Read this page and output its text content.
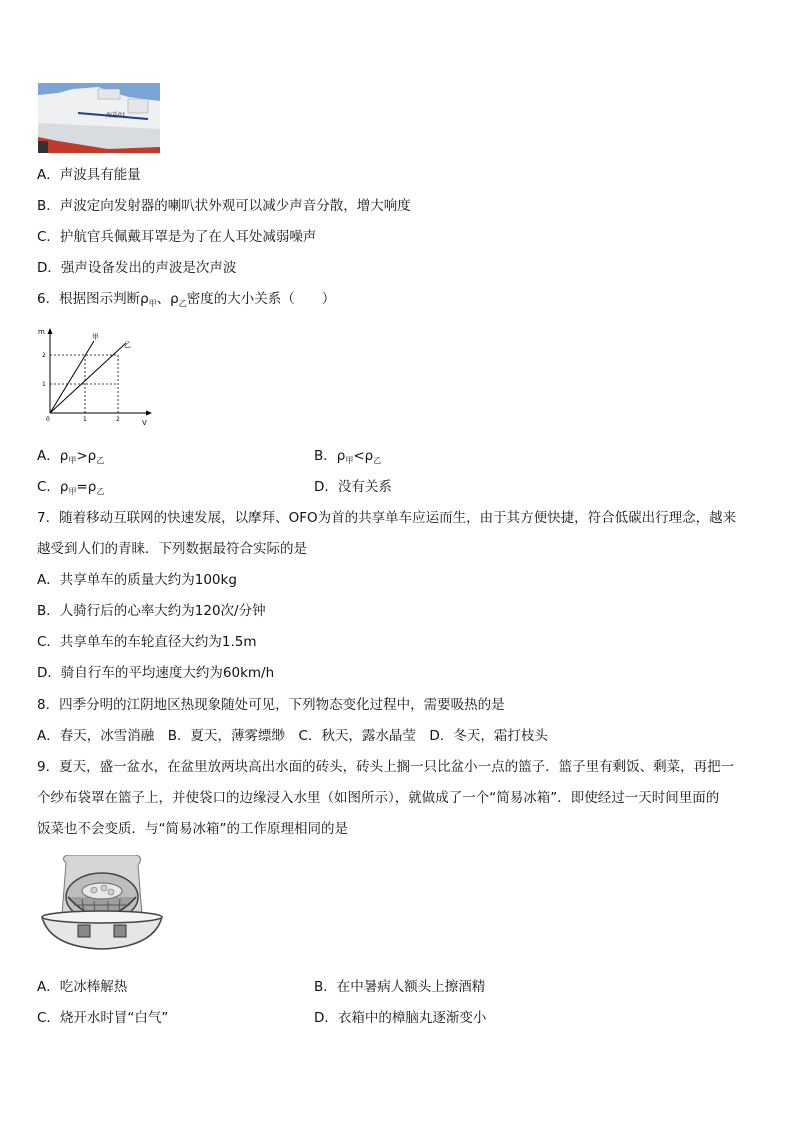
海巡01
A．声波具有能量
B．声波定向发射器的喇叭状外观可以减少声音分散，增大响度
C．护航官兵佩戴耳罩是为了在人耳处减弱噪声
D．强声设备发出的声波是次声波
6．根据图示判断$\rho_甲$、$\rho_乙$密度的大小关系（　　）
m
V
0	1	2
1
2
甲
乙
A．$\rho_甲>\rho_乙$	B．$\rho_甲<\rho_乙$
C．$\rho_甲=\rho_乙$	D．没有关系
7．随着移动互联网的快速发展，以摩拜、OFO为首的共享单车应运而生，由于其方便快捷，符合低碳出行理念，越来
越受到人们的青睐．下列数据最符合实际的是
A．共享单车的质量大约为100kg
B．人骑行后的心率大约为120次/分钟
C．共享单车的车轮直径大约为1.5m
D．骑自行车的平均速度大约为60km/h
8．四季分明的江阴地区热现象随处可见，下列物态变化过程中，需要吸热的是
A．春天，冰雪消融　B．夏天，薄雾缥缈　C．秋天，露水晶莹　D．冬天，霜打枝头
9．夏天，盛一盆水，在盆里放两块高出水面的砖头，砖头上搁一只比盆小一点的篮子．篮子里有剩饭、剩菜，再把一
个纱布袋罩在篮子上，并使袋口的边缘浸入水里（如图所示），就做成了一个“简易冰箱”．即使经过一天时间里面的
饭菜也不会变质．与“简易冰箱”的工作原理相同的是
A．吃冰棒解热	B．在中暑病人额头上擦酒精
C．烧开水时冒“白气”	D．衣箱中的樟脑丸逐渐变小
